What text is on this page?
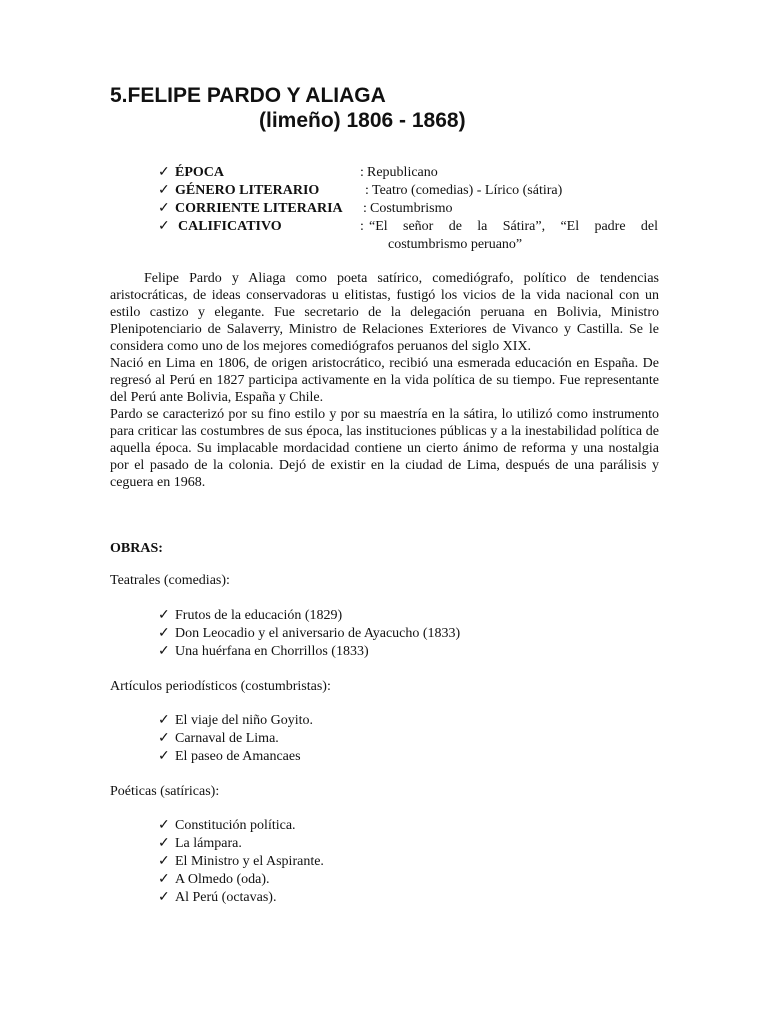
5.FELIPE PARDO Y ALIAGA
(limeño) 1806 - 1868)
✓ ÉPOCA	: Republicano
✓ GÉNERO LITERARIO	: Teatro (comedias) - Lírico (sátira)
✓ CORRIENTE LITERARIA : Costumbrismo
✓ CALIFICATIVO	: “El señor de la Sátira”, “El padre del
costumbrismo peruano”

Felipe Pardo y Aliaga como poeta satírico, comediógrafo, político de tendencias aristocráticas, de ideas conservadoras u elitistas, fustigó los vicios de la vida nacional con un estilo castizo y elegante. Fue secretario de la delegación peruana en Bolivia, Ministro Plenipotenciario de Salaverry, Ministro de Relaciones Exteriores de Vivanco y Castilla. Se le considera como uno de los mejores comediógrafos peruanos del siglo XIX.

Nació en Lima en 1806, de origen aristocrático, recibió una esmerada educación en España. De regresó al Perú en 1827 participa activamente en la vida política de su tiempo. Fue representante del Perú ante Bolivia, España y Chile.

Pardo se caracterizó por su fino estilo y por su maestría en la sátira, lo utilizó como instrumento para criticar las costumbres de sus época, las instituciones públicas y a la inestabilidad política de aquella época. Su implacable mordacidad contiene un cierto ánimo de reforma y una nostalgia por el pasado de la colonia. Dejó de existir en la ciudad de Lima, después de una parálisis y ceguera en 1968.

OBRAS:
Teatrales (comedias):
✓ Frutos de la educación (1829)
✓ Don Leocadio y el aniversario de Ayacucho (1833)
✓ Una huérfana en Chorrillos (1833)
Artículos periodísticos (costumbristas):
✓ El viaje del niño Goyito.
✓ Carnaval de Lima.
✓ El paseo de Amancaes
Poéticas (satíricas):
✓ Constitución política.
✓ La lámpara.
✓ El Ministro y el Aspirante.
✓ A Olmedo (oda).
✓ Al Perú (octavas).
